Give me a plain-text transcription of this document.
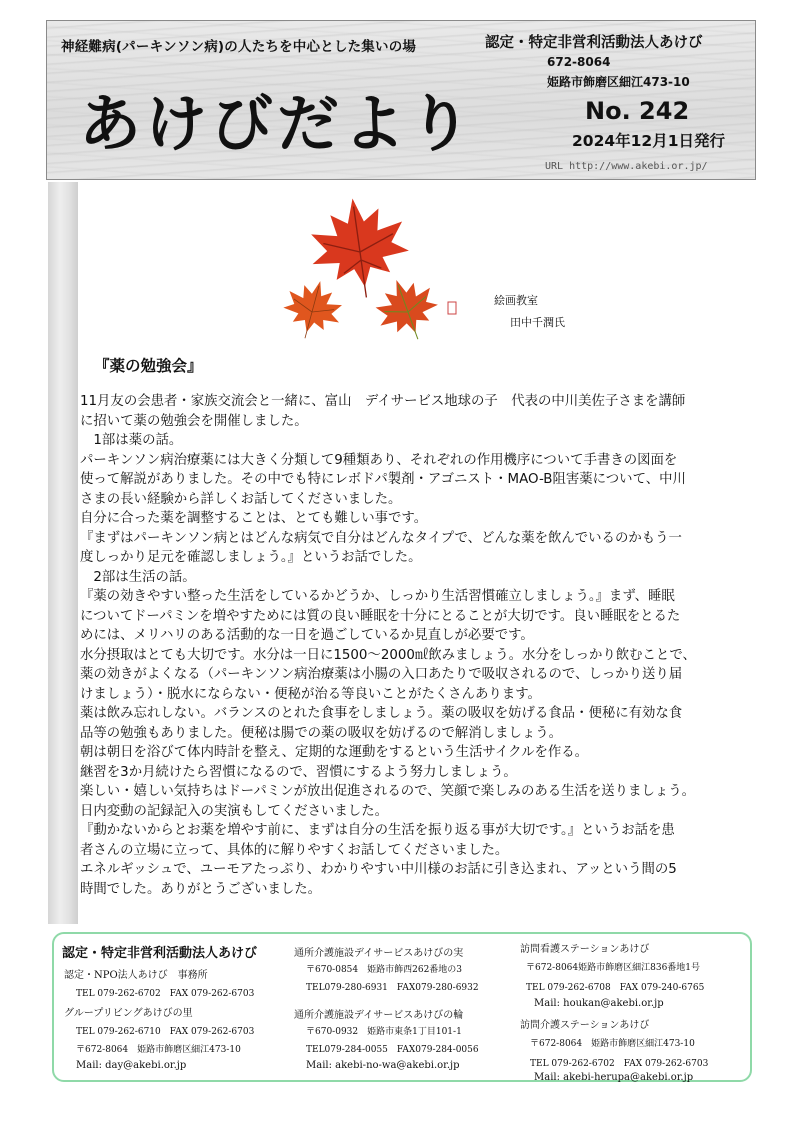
神経難病(パーキンソン病)の人たちを中心とした集いの場	認定・特定非営利活動法人あけび
672-8064
姫路市飾磨区細江473-10
あけびだより	No. 242
2024年12月1日発行
URL http://www.akebi.or.jp/
絵画教室
田中千潤氏
『薬の勉強会』

11月友の会患者・家族交流会と一緒に、富山　デイサービス地球の子　代表の中川美佐子さまを講師

に招いて薬の勉強会を開催しました。

　1部は薬の話。

パーキンソン病治療薬には大きく分類して9種類あり、それぞれの作用機序について手書きの図面を

使って解説がありました。その中でも特にレボドパ製剤・アゴニスト・MAO-B阻害薬について、中川

さまの長い経験から詳しくお話してくださいました。

自分に合った薬を調整することは、とても難しい事です。

『まずはパーキンソン病とはどんな病気で自分はどんなタイプで、どんな薬を飲んでいるのかもう一

度しっかり足元を確認しましょう。』というお話でした。

　2部は生活の話。

『薬の効きやすい整った生活をしているかどうか、しっかり生活習慣確立しましょう。』まず、睡眠

についてドーパミンを増やすためには質の良い睡眠を十分にとることが大切です。良い睡眠をとるた

めには、メリハリのある活動的な一日を過ごしているか見直しが必要です。

水分摂取はとても大切です。水分は一日に1500～2000㎖飲みましょう。水分をしっかり飲むことで、

薬の効きがよくなる（パーキンソン病治療薬は小腸の入口あたりで吸収されるので、しっかり送り届

けましょう）・脱水にならない・便秘が治る等良いことがたくさんあります。

薬は飲み忘れしない。バランスのとれた食事をしましょう。薬の吸収を妨げる食品・便秘に有効な食

品等の勉強もありました。便秘は腸での薬の吸収を妨げるので解消しましょう。

朝は朝日を浴びて体内時計を整え、定期的な運動をするという生活サイクルを作る。

継習を3か月続けたら習慣になるので、習慣にするよう努力しましょう。

楽しい・嬉しい気持ちはドーパミンが放出促進されるので、笑顔で楽しみのある生活を送りましょう。

日内変動の記録記入の実演もしてくださいました。

『動かないからとお薬を増やす前に、まずは自分の生活を振り返る事が大切です。』というお話を患

者さんの立場に立って、具体的に解りやすくお話してくださいました。

エネルギッシュで、ユーモアたっぷり、わかりやすい中川様のお話に引き込まれ、アッという間の5

時間でした。ありがとうございました。

認定・特定非営利活動法人あけび
認定・NPO法人あけび　事務所
TEL 079-262-6702　FAX 079-262-6703
グループリビングあけびの里
TEL 079-262-6710　FAX 079-262-6703
〒672-8064　姫路市飾磨区細江473-10
Mail: day@akebi.or.jp
通所介護施設デイサービスあけびの実
〒670-0854　姫路市飾西262番地の3
TEL079-280-6931　FAX079-280-6932
通所介護施設デイサービスあけびの輪
〒670-0932　姫路市東条1丁目101-1
TEL079-284-0055　FAX079-284-0056
Mail: akebi-no-wa@akebi.or.jp
訪問看護ステーションあけび
〒672-8064姫路市飾磨区細江836番地1号
TEL 079-262-6708　FAX 079-240-6765
Mail: houkan@akebi.or.jp
訪問介護ステーションあけび
〒672-8064　姫路市飾磨区細江473-10
TEL 079-262-6702　FAX 079-262-6703
Mail: akebi-herupa@akebi.or.jp
